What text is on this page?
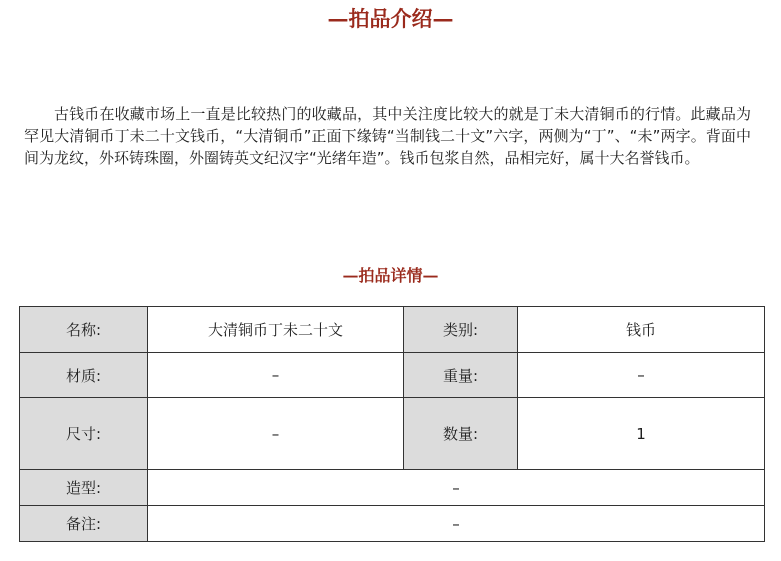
—拍品介绍—

古钱币在收藏市场上一直是比较热门的收藏品，其中关注度比较大的就是丁未大清铜币的行情。此藏品为罕见大清铜币丁未二十文钱币，“大清铜币”正面下缘铸“当制钱二十文”六字，两侧为“丁”、“未”两字。背面中间为龙纹，外环铸珠圈，外圈铸英文纪汉字“光绪年造”。钱币包浆自然，品相完好，属十大名誉钱币。

—拍品详情—
名称:	大清铜币丁未二十文	类别:	钱币
材质:	–	重量:	–
尺寸:	–	数量:	1
造型:	–		
备注:	–		
